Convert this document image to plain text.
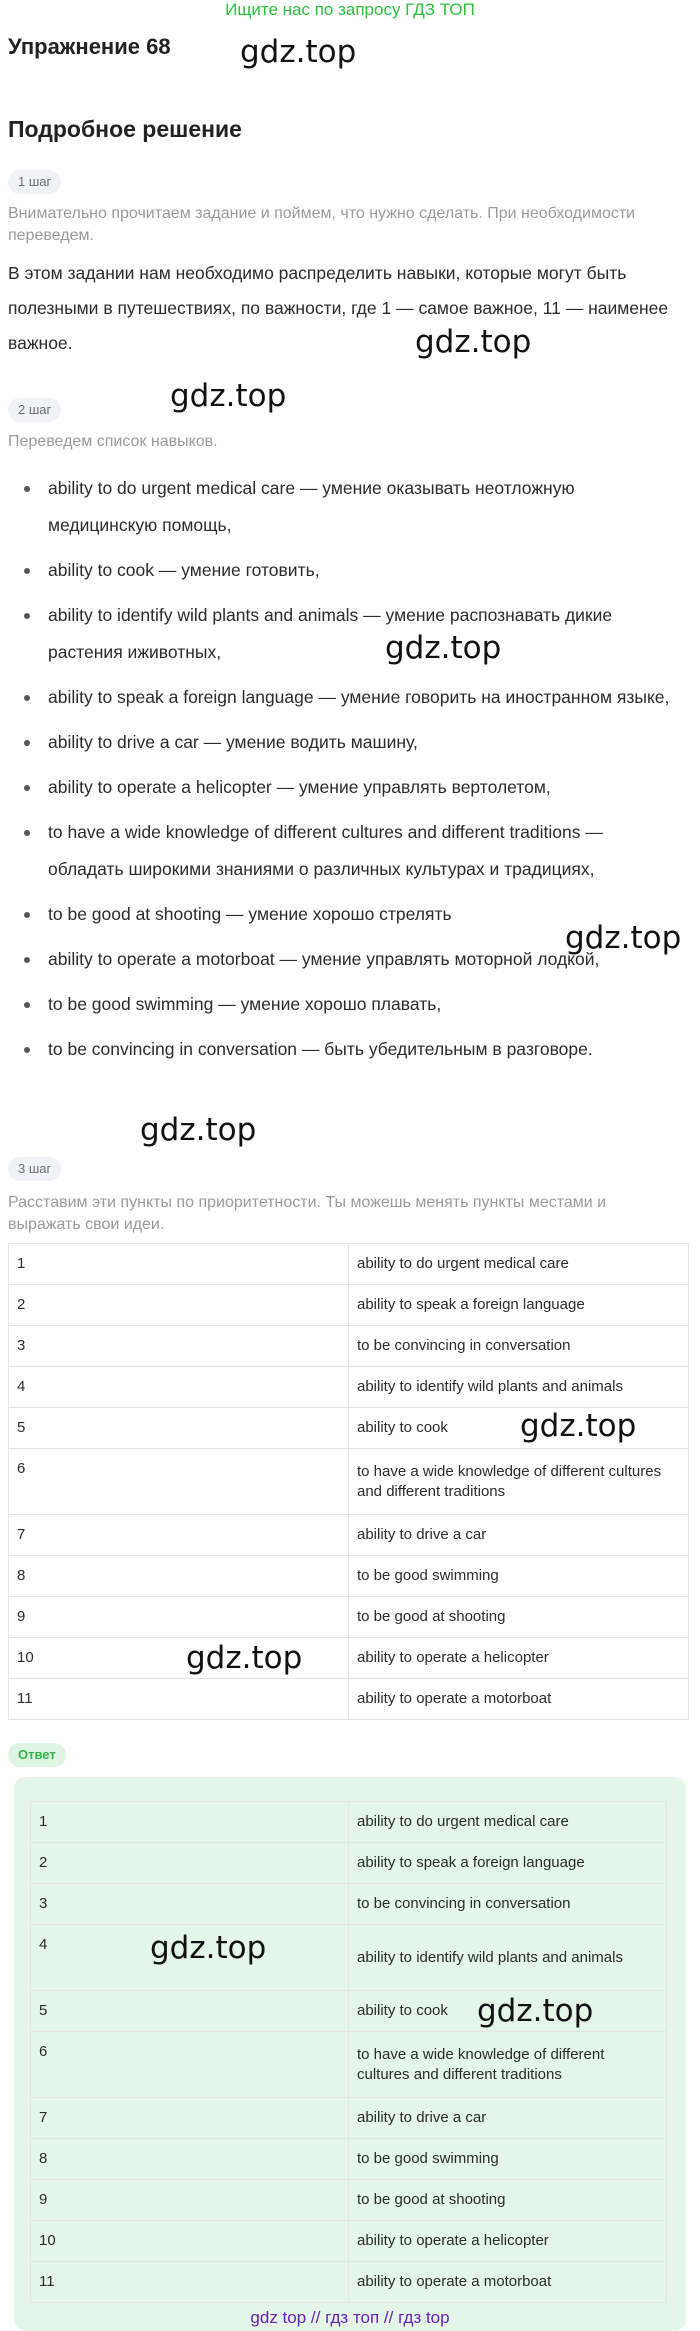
Ищите нас по запросу ГДЗ ТОП
Упражнение 68 gdz.top
Подробное решение
1 шаг
Внимательно прочитаем задание и поймем, что нужно сделать. При необходимости переведем.
В этом задании нам необходимо распределить навыки, которые могут быть полезными в путешествиях, по важности, где 1 — самое важное, 11 — наименее важное.	gdz.top
2 шаг	gdz.top
Переведем список навыков.
ability to do urgent medical care — умение оказывать неотложную медицинскую помощь,
ability to cook — умение готовить,
ability to identify wild plants and animals — умение распознавать дикие растения иживотных,
ability to speak a foreign language — умение говорить на иностранном языке,
ability to drive a car — умение водить машину,
ability to operate a helicopter — умение управлять вертолетом,
to have a wide knowledge of different cultures and different traditions — обладать широкими знаниями о различных культурах и традициях,
to be good at shooting — умение хорошо стрелять
ability to operate a motorboat — умение управлять моторной лодкой,
to be good swimming — умение хорошо плавать,
to be convincing in conversation — быть убедительным в разговоре.
gdz.top
gdz.top
gdz.top
3 шаг
Расставим эти пункты по приоритетности. Ты можешь менять пункты местами и выражать свои идеи.
1	ability to do urgent medical care
2	ability to speak a foreign language
3	to be convincing in conversation
4	ability to identify wild plants and animals
5	ability to cook
6	to have a wide knowledge of different cultures and different traditions
7	ability to drive a car
8	to be good swimming
9	to be good at shooting
10	ability to operate a helicopter
11	ability to operate a motorboat
gdz.top
gdz.top
Ответ
1	ability to do urgent medical care
2	ability to speak a foreign language
3	to be convincing in conversation
4	ability to identify wild plants and animals
5	ability to cook
6	to have a wide knowledge of different cultures and different traditions
7	ability to drive a car
8	to be good swimming
9	to be good at shooting
10	ability to operate a helicopter
11	ability to operate a motorboat
gdz.top
gdz.top
gdz top // гдз топ // гдз top
